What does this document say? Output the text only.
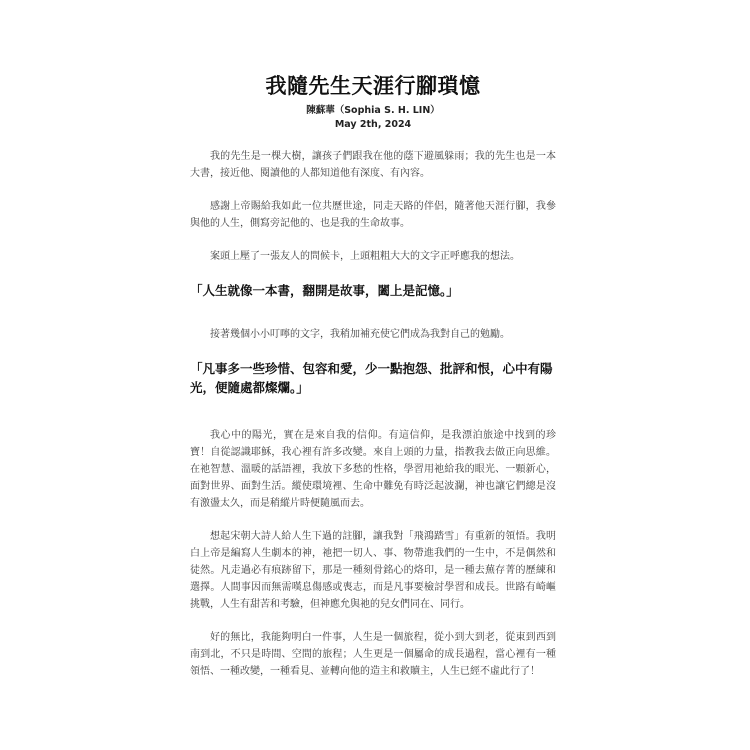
我隨先生天涯行腳瑣憶
陳蘇華（Sophia S. H. LIN）
May 2th, 2024

我的先生是一棵大樹，讓孩子們跟我在他的蔭下避風躲雨；我的先生也是一本大書，接近他、閱讀他的人都知道他有深度、有內容。

感謝上帝賜給我如此一位共歷世途，同走天路的伴侶，隨著他天涯行腳，我參與他的人生，側寫旁記他的、也是我的生命故事。

案頭上壓了一張友人的問候卡，上頭粗粗大大的文字正呼應我的想法。

「人生就像一本書，翻開是故事，闔上是記憶。」

接著幾個小小叮嚀的文字，我稍加補充使它們成為我對自己的勉勵。

「凡事多一些珍惜、包容和愛，少一點抱怨、批評和恨，心中有陽光，便隨處都燦爛。」

我心中的陽光，實在是來自我的信仰。有這信仰，是我漂泊旅途中找到的珍寶！自從認識耶穌，我心裡有許多改變。來自上頭的力量，指教我去做正向思維。在祂智慧、溫暖的話語裡，我放下多愁的性格，學習用祂給我的眼光、一顆新心，面對世界、面對生活。縱使環境裡、生命中難免有時泛起波瀾，神也讓它們總是沒有激盪太久，而是稍縱片時便隨風而去。

想起宋朝大詩人給人生下過的註腳，讓我對「飛鴻踏雪」有重新的領悟。我明白上帝是編寫人生劇本的神，祂把一切人、事、物帶進我們的一生中，不是偶然和徒然。凡走過必有痕跡留下，那是一種刻骨銘心的烙印，是一種去蕪存菁的歷練和選擇。人間事因而無需嘆息傷感或喪志，而是凡事要檢討學習和成長。世路有崎嶇挑戰，人生有甜苦和考驗，但神應允與祂的兒女們同在、同行。

好的無比，我能夠明白一件事，人生是一個旅程，從小到大到老，從東到西到南到北，不只是時間、空間的旅程；人生更是一個屬命的成長過程，當心裡有一種領悟、一種改變，一種看見、並轉向他的造主和救贖主，人生已經不虛此行了！
